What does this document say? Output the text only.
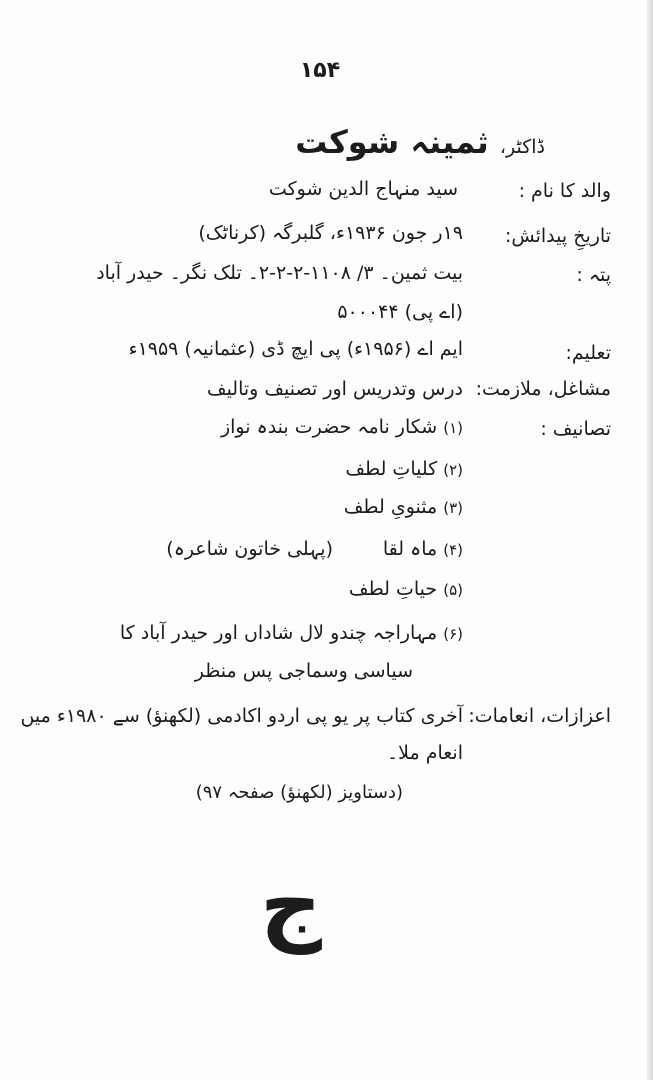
۱۵۴
ڈاکٹر، ثمینہ شوکت
والد کا نام :
سید منہاج الدین شوکت
تاریخِ پیدائش:
۱۹ر جون ۱۹۳۶ء، گلبرگہ (کرناٹک)
پتہ :
بیت ثمین۔ ۳/ ۱۱۰۸-۲-۲-۲۔ تلک نگر۔ حیدر آباد
(اے پی) ۵۰۰۰۴۴
تعلیم:
ایم اے (۱۹۵۶ء) پی ایچ ڈی (عثمانیہ) ۱۹۵۹ء
مشاغل، ملازمت:
درس وتدریس اور تصنیف وتالیف
تصانیف :
(۱) شکار نامہ حضرت بندہ نواز
(۲) کلیاتِ لطف
(۳) مثنویِ لطف
(۴) ماہ لقا
(پہلی خاتون شاعرہ)
(۵) حیاتِ لطف
(۶) مہاراجہ چندو لال شاداں اور حیدر آباد کا
سیاسی وسماجی پس منظر
اعزازات، انعامات:
آخری کتاب پر یو پی اردو اکادمی (لکھنؤ) سے ۱۹۸۰ء میں
انعام ملا۔
(دستاویز (لکھنؤ) صفحہ ۹۷)
ج
